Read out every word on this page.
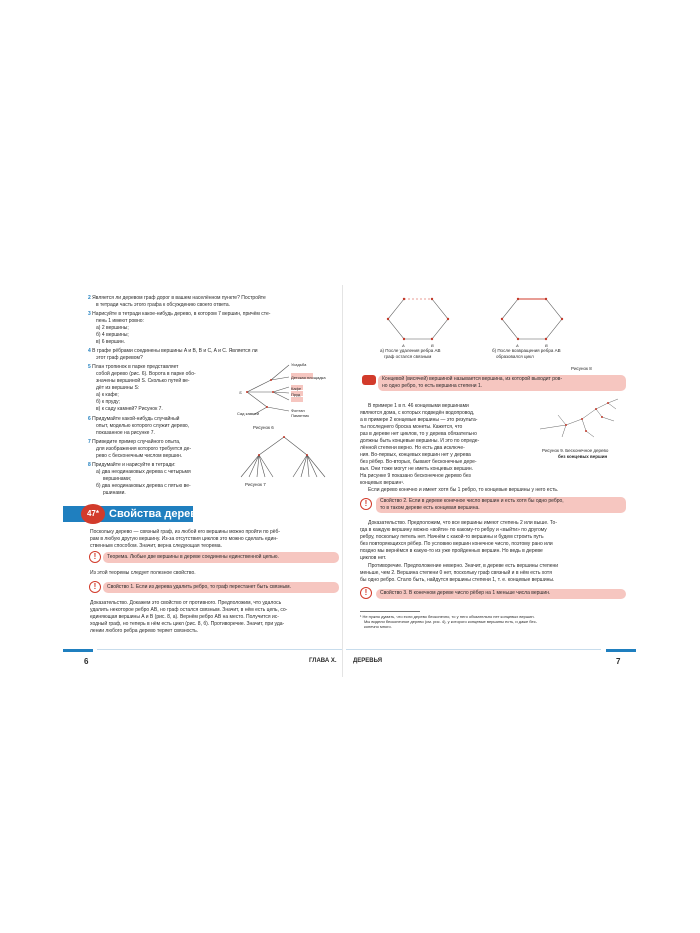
2 Является ли деревом граф дорог в вашем населённом пункте? Постройте
в тетради часть этого графа к обсуждению своего ответа.
3 Нарисуйте в тетради какое-нибудь дерево, в котором 7 вершин, причём сте-
пень 1 имеют ровно:
а) 2 вершины;
б) 4 вершины;
в) 6 вершин.
4 В графе рёбрами соединены вершины A и B, B и C, A и C. Является ли
этот граф деревом?
5 План тропинок в парке представляет
собой дерево (рис. 6). Ворота в парке обо-
значены вершиной S. Сколько путей ве-
дёт из вершины S:
а) к кафе;
б) к пруду;
в) к саду камней? Рисунок 7.
6 Придумайте какой-нибудь случайный
опыт, моделью которого служит дерево,
показанное на рисунке 7.
7 Приведите пример случайного опыта,
для изображения которого требуется де-
рево с бесконечным числом вершин.
8 Придумайте и нарисуйте в тетради:
а) два неодинаковых дерева с четырьмя
вершинами;
б) два неодинаковых дерева с пятью ве-
ршинами.
Усадьба
Детская площадка
Кафе
Пруд
Фонтан
Памятник
Сад камней
S
Рисунок 6
Рисунок 7
47* Свойства деревьев
Поскольку дерево — связный граф, из любой его вершины можно пройти по рёб-
рам в любую другую вершину. Из-за отсутствия циклов это можно сделать един-
ственным способом. Значит, верна следующая теорема.
!	Теорема. Любые две вершины в дереве соединены единственной цепью.
Из этой теоремы следует полезное свойство.
!	Свойство 1. Если из дерева удалить ребро, то граф перестанет быть связным.
Доказательство. Докажем это свойство от противного. Предположим, что удалось
удалить некоторое ребро AB, но граф остался связным. Значит, в нём есть цепь, со-
единяющая вершины A и B (рис. 8, а). Вернём ребро AB на место. Получится ис-
ходный граф, но теперь в нём есть цикл (рис. 8, б). Противоречие. Значит, при уда-
лении любого ребра дерево теряет связность.
6	ГЛАВА X.
A	B	A	B
а) После удаления ребра AB
граф остался связным
б) После возвращения ребра AB
образовался цикл
Рисунок 8
Концевой (висячей) вершиной называется вершина, из которой выходит ров-
но одно ребро, то есть вершина степени 1.
В примере 1 в п. 46 концевыми вершинами
являются дома, с которых подведён водопровод,
а в примере 2 концевые вершины — это результа-
ты последнего броска монеты. Кажется, что
раз в дереве нет циклов, то у дерева обязательно
должны быть концевые вершины. И это по опреде-
лённой степени верно. Но есть два исключе-
ния. Во-первых, концевых вершин нет у дерева
без рёбер. Во-вторых, бывают бесконечные дере-
вья. Они тоже могут не иметь концевых вершин.
На рисунке 9 показано бесконечное дерево без
концевых вершин¹.
Рисунок 9. Бесконечное дерево
без концевых вершин
Если дерево конечно и имеет хотя бы 1 ребро, то концевые вершины у него есть.
!	Свойство 2. Если в дереве конечное число вершин и есть хотя бы одно ребро,
то в таком дереве есть концевая вершина.
Доказательство. Предположим, что все вершины имеют степень 2 или выше. То-
гда в каждую вершину можно «войти» по какому-то ребру и «выйти» по другому
ребру, поскольку петель нет. Начнём с какой-то вершины и будем строить путь
без повторяющихся рёбер. По условию вершин конечное число, поэтому рано или
поздно мы вернёмся в какую-то из уже пройденных вершин. Но ведь в дереве
циклов нет.
Противоречие. Предположение неверно. Значит, в дереве есть вершины степени
меньше, чем 2. Вершина степени 0 нет, поскольку граф связный и в нём есть хотя
бы одно ребро. Стало быть, найдутся вершины степени 1, т. е. концевые вершины.
!	Свойство 3. В конечном дереве число рёбер на 1 меньше числа вершин.
¹ Не нужно думать, что если дерево бесконечно, то у него обязательно нет концевых вершин.
Мы видели бесконечное дерево (см. рис. 4), у которого концевые вершины есть, и даже бес-
конечно много.
ДЕРЕВЬЯ	7
